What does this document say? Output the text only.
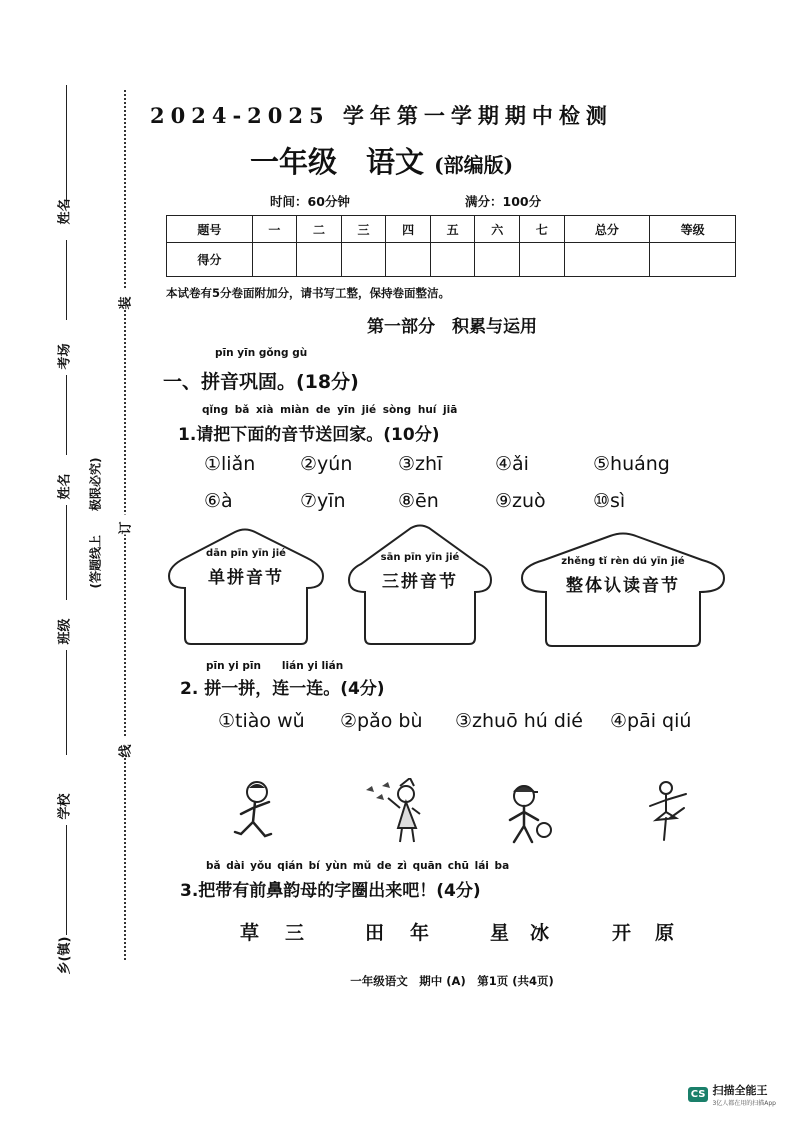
姓名
考场
姓名
班级
学校
乡(镇)
(答题线上　　极限必究)
装
订
线
2024-2025 学年第一学期期中检测
一年级　语文 (部编版)
时间：60分钟	满分：100分
题号	一	二	三	四	五	六	七	总分	等级
得分									
本试卷有5分卷面附加分，请书写工整，保持卷面整洁。
第一部分　积累与运用
pīn yīn gǒng gù
一、拼音巩固。(18分)
qǐng bǎ xià miàn de yīn jié sòng huí jiā
1.请把下面的音节送回家。(10分)
①liǎn ②yún ③zhī	④ǎi	⑤huáng
⑥à	⑦yīn	⑧ēn	⑨zuò ⑩sì
dān pīn yīn jié
单拼音节
sān pīn yīn jié
三拼音节
zhěng tǐ rèn dú yīn jié
整体认读音节
pīn yi pīn　　lián yi lián
2. 拼一拼，连一连。(4分)
①tiào wǔ ②pǎo bù ③zhuō hú dié ④pāi qiú
bǎ dài yǒu qián bí yùn mǔ de zì quān chū lái ba
3.把带有前鼻韵母的字圈出来吧！(4分)
草 三	田 年	星 冰	开 原
一年级语文　期中 (A)　第1页 (共4页)
CS 扫描全能王
3亿人都在用的扫描App
